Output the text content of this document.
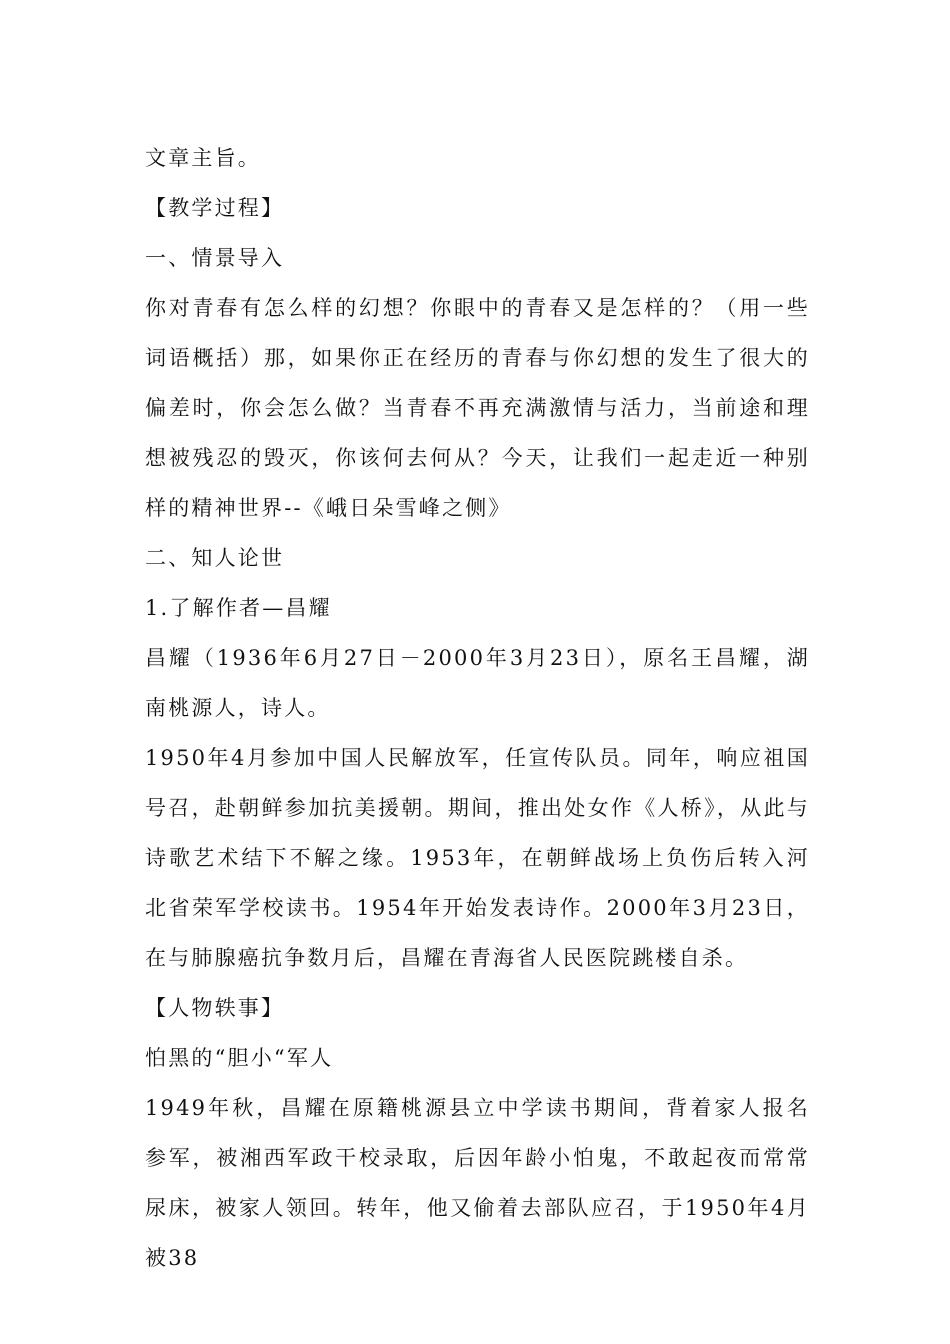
文章主旨。

【教学过程】

一、情景导入

你对青春有怎么样的幻想？你眼中的青春又是怎样的？（用一些词语概括）那，如果你正在经历的青春与你幻想的发生了很大的偏差时，你会怎么做？当青春不再充满激情与活力，当前途和理想被残忍的毁灭，你该何去何从？今天，让我们一起走近一种别样的精神世界--《峨日朵雪峰之侧》

二、知人论世

1.了解作者—昌耀

昌耀（1936年6月27日－2000年3月23日），原名王昌耀，湖南桃源人，诗人。

1950年4月参加中国人民解放军，任宣传队员。同年，响应祖国号召，赴朝鲜参加抗美援朝。期间，推出处女作《人桥》，从此与诗歌艺术结下不解之缘。1953年，在朝鲜战场上负伤后转入河北省荣军学校读书。1954年开始发表诗作。2000年3月23日，在与肺腺癌抗争数月后，昌耀在青海省人民医院跳楼自杀。

【人物轶事】

怕黑的“胆小“军人

1949年秋，昌耀在原籍桃源县立中学读书期间，背着家人报名参军，被湘西军政干校录取，后因年龄小怕鬼，不敢起夜而常常尿床，被家人领回。转年，他又偷着去部队应召，于1950年4月被38
